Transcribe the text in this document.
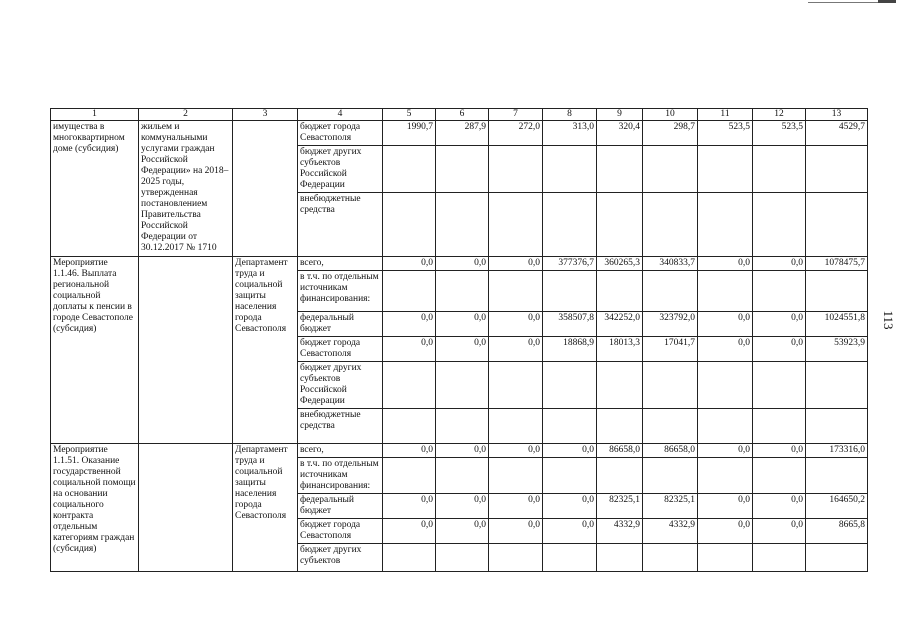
113
1	2	3	4	5	6	7	8	9	10	11	12	13
имущества в многоквартирном доме (субсидия)	жильем и коммунальными услугами граждан Российской Федерации» на 2018–2025 годы, утвержденная постановлением Правительства Российской Федерации от 30.12.2017 № 1710		бюджет города Севастополя	1990,7	287,9	272,0	313,0	320,4	298,7	523,5	523,5	4529,7
			бюджет других субъектов Российской Федерации									
			внебюджетные средства									
Мероприятие 1.1.46. Выплата региональной социальной доплаты к пенсии в городе Севастополе (субсидия)		Департамент труда и социальной защиты населения города Севастополя	всего,	0,0	0,0	0,0	377376,7	360265,3	340833,7	0,0	0,0	1078475,7
			в т.ч. по отдельным источникам финансирования:									
			федеральный бюджет	0,0	0,0	0,0	358507,8	342252,0	323792,0	0,0	0,0	1024551,8
			бюджет города Севастополя	0,0	0,0	0,0	18868,9	18013,3	17041,7	0,0	0,0	53923,9
			бюджет других субъектов Российской Федерации									
			внебюджетные средства									
Мероприятие 1.1.51. Оказание государственной социальной помощи на основании социального контракта отдельным категориям граждан (субсидия)		Департамент труда и социальной защиты населения города Севастополя	всего,	0,0	0,0	0,0	0,0	86658,0	86658,0	0,0	0,0	173316,0
			в т.ч. по отдельным источникам финансирования:									
			федеральный бюджет	0,0	0,0	0,0	0,0	82325,1	82325,1	0,0	0,0	164650,2
			бюджет города Севастополя	0,0	0,0	0,0	0,0	4332,9	4332,9	0,0	0,0	8665,8
			бюджет других субъектов									
